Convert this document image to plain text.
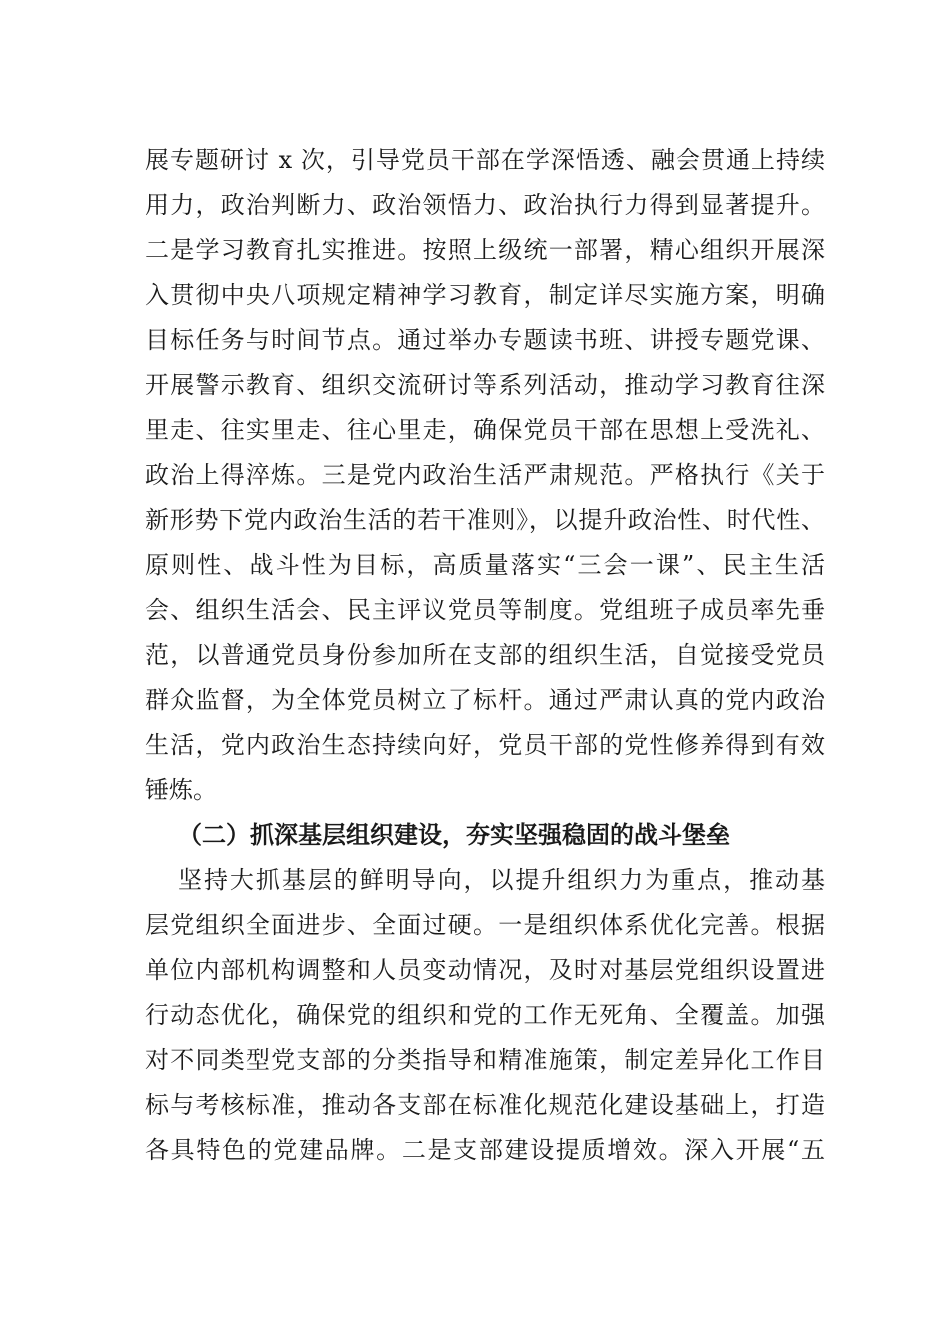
展专题研讨 x 次，引导党员干部在学深悟透、融会贯通上持续
用力，政治判断力、政治领悟力、政治执行力得到显著提升。
二是学习教育扎实推进。按照上级统一部署，精心组织开展深
入贯彻中央八项规定精神学习教育，制定详尽实施方案，明确
目标任务与时间节点。通过举办专题读书班、讲授专题党课、
开展警示教育、组织交流研讨等系列活动，推动学习教育往深
里走、往实里走、往心里走，确保党员干部在思想上受洗礼、
政治上得淬炼。三是党内政治生活严肃规范。严格执行《关于
新形势下党内政治生活的若干准则》，以提升政治性、时代性、
原则性、战斗性为目标，高质量落实“三会一课”、民主生活
会、组织生活会、民主评议党员等制度。党组班子成员率先垂
范，以普通党员身份参加所在支部的组织生活，自觉接受党员
群众监督，为全体党员树立了标杆。通过严肃认真的党内政治
生活，党内政治生态持续向好，党员干部的党性修养得到有效
锤炼。
（二）抓深基层组织建设，夯实坚强稳固的战斗堡垒
坚持大抓基层的鲜明导向，以提升组织力为重点，推动基
层党组织全面进步、全面过硬。一是组织体系优化完善。根据
单位内部机构调整和人员变动情况，及时对基层党组织设置进
行动态优化，确保党的组织和党的工作无死角、全覆盖。加强
对不同类型党支部的分类指导和精准施策，制定差异化工作目
标与考核标准，推动各支部在标准化规范化建设基础上，打造
各具特色的党建品牌。二是支部建设提质增效。深入开展“五
